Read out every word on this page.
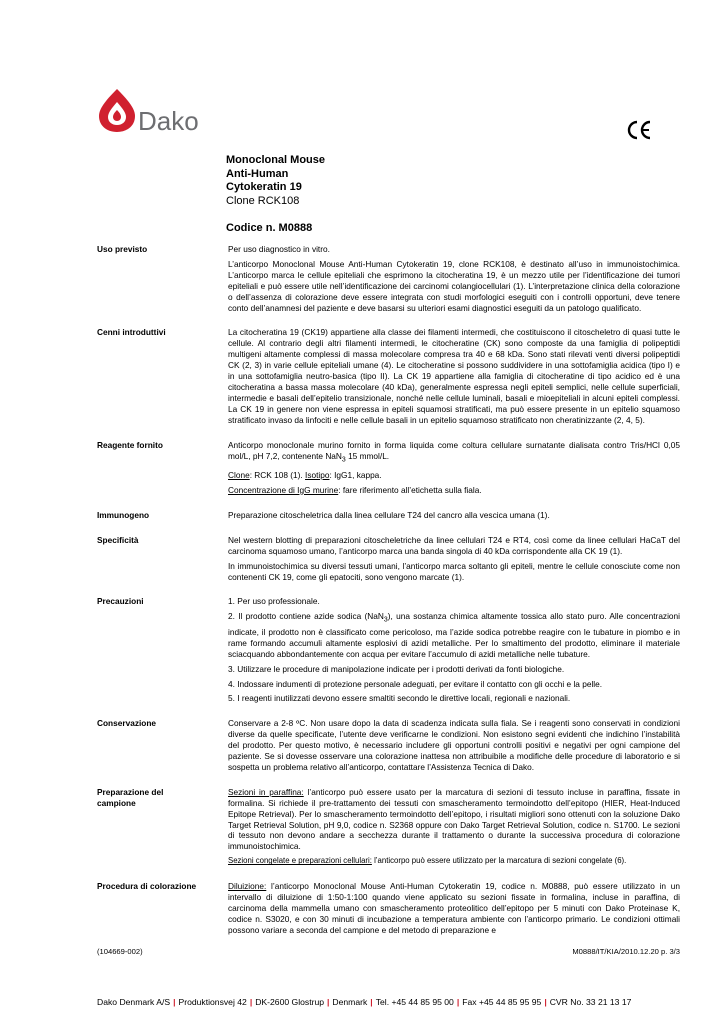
Dako
Monoclonal Mouse
Anti-Human
Cytokeratin 19
Clone RCK108
Codice n. M0888
Uso previsto	Per uso diagnostico in vitro.

L’anticorpo Monoclonal Mouse Anti-Human Cytokeratin 19, clone RCK108, è destinato all’uso in immunoistochimica. L’anticorpo marca le cellule epiteliali che esprimono la citocheratina 19, è un mezzo utile per l’identificazione dei tumori epiteliali e può essere utile nell’identificazione dei carcinomi colangiocellulari (1). L’interpretazione clinica della colorazione o dell’assenza di colorazione deve essere integrata con studi morfologici eseguiti con i controlli opportuni, deve tenere conto dell’anamnesi del paziente e deve basarsi su ulteriori esami diagnostici eseguiti da un patologo qualificato.

Cenni introduttivi	La citocheratina 19 (CK19) appartiene alla classe dei filamenti intermedi, che costituiscono il citoscheletro di quasi tutte le cellule. Al contrario degli altri filamenti intermedi, le citocheratine (CK) sono composte da una famiglia di polipeptidi multigeni altamente complessi di massa molecolare compresa tra 40 e 68 kDa. Sono stati rilevati venti diversi polipeptidi CK (2, 3) in varie cellule epiteliali umane (4). Le citocheratine si possono suddividere in una sottofamiglia acidica (tipo I) e in una sottofamiglia neutro-basica (tipo II). La CK 19 appartiene alla famiglia di citocheratine di tipo acidico ed è una citocheratina a bassa massa molecolare (40 kDa), generalmente espressa negli epiteli semplici, nelle cellule superficiali, intermedie e basali dell’epitelio transizionale, nonché nelle cellule luminali, basali e mioepiteliali in alcuni epiteli complessi. La CK 19 in genere non viene espressa in epiteli squamosi stratificati, ma può essere presente in un epitelio squamoso stratificato invaso da linfociti e nelle cellule basali in un epitelio squamoso stratificato non cheratinizzante (2, 4, 5).

Reagente fornito	Anticorpo monoclonale murino fornito in forma liquida come coltura cellulare surnatante dialisata contro Tris/HCl 0,05 mol/L, pH 7,2, contenente NaN$_3$ 15 mmol/L.

Clone: RCK 108 (1). Isotipo: IgG1, kappa.

Concentrazione di IgG murine: fare riferimento all’etichetta sulla fiala.

Immunogeno	Preparazione citoscheletrica dalla linea cellulare T24 del cancro alla vescica umana (1).

Specificità	Nel western blotting di preparazioni citoscheletriche da linee cellulari T24 e RT4, così come da linee cellulari HaCaT del carcinoma squamoso umano, l’anticorpo marca una banda singola di 40 kDa corrispondente alla CK 19 (1).

In immunoistochimica su diversi tessuti umani, l’anticorpo marca soltanto gli epiteli, mentre le cellule conosciute come non contenenti CK 19, come gli epatociti, sono vengono marcate (1).

Precauzioni	1. Per uso professionale.

2. Il prodotto contiene azide sodica (NaN$_3$), una sostanza chimica altamente tossica allo stato puro. Alle concentrazioni indicate, il prodotto non è classificato come pericoloso, ma l’azide sodica potrebbe reagire con le tubature in piombo e in rame formando accumuli altamente esplosivi di azidi metalliche. Per lo smaltimento del prodotto, eliminare il materiale sciacquando abbondantemente con acqua per evitare l’accumulo di azidi metalliche nelle tubature.

3. Utilizzare le procedure di manipolazione indicate per i prodotti derivati da fonti biologiche.

4. Indossare indumenti di protezione personale adeguati, per evitare il contatto con gli occhi e la pelle.

5. I reagenti inutilizzati devono essere smaltiti secondo le direttive locali, regionali e nazionali.

Conservazione	Conservare a 2-8 ºC. Non usare dopo la data di scadenza indicata sulla fiala. Se i reagenti sono conservati in condizioni diverse da quelle specificate, l’utente deve verificarne le condizioni. Non esistono segni evidenti che indichino l’instabilità del prodotto. Per questo motivo, è necessario includere gli opportuni controlli positivi e negativi per ogni campione del paziente. Se si dovesse osservare una colorazione inattesa non attribuibile a modifiche delle procedure di laboratorio e si sospetta un problema relativo all’anticorpo, contattare l’Assistenza Tecnica di Dako.

Preparazione del
campione

Sezioni in paraffina: l’anticorpo può essere usato per la marcatura di sezioni di tessuto incluse in paraffina, fissate in formalina. Si richiede il pre-trattamento dei tessuti con smascheramento termoindotto dell’epitopo (HIER, Heat-Induced Epitope Retrieval). Per lo smascheramento termoindotto dell’epitopo, i risultati migliori sono ottenuti con la soluzione Dako Target Retrieval Solution, pH 9,0, codice n. S2368 oppure con Dako Target Retrieval Solution, codice n. S1700. Le sezioni di tessuto non devono andare a secchezza durante il trattamento o durante la successiva procedura di colorazione immunoistochimica.

Sezioni congelate e preparazioni cellulari: l’anticorpo può essere utilizzato per la marcatura di sezioni congelate (6).

Procedura di colorazione	Diluizione: l’anticorpo Monoclonal Mouse Anti-Human Cytokeratin 19, codice n. M0888, può essere utilizzato in un intervallo di diluizione di 1:50-1:100 quando viene applicato su sezioni fissate in formalina, incluse in paraffina, di carcinoma della mammella umano con smascheramento proteolitico dell’epitopo per 5 minuti con Dako Proteinase K, codice n. S3020, e con 30 minuti di incubazione a temperatura ambiente con l’anticorpo primario. Le condizioni ottimali possono variare a seconda del campione e del metodo di preparazione e

(104669-002)	M0888/IT/KIA/2010.12.20 p. 3/3
Dako Denmark A/S | Produktionsvej 42 | DK-2600 Glostrup | Denmark | Tel. +45 44 85 95 00 | Fax +45 44 85 95 95 | CVR No. 33 21 13 17
